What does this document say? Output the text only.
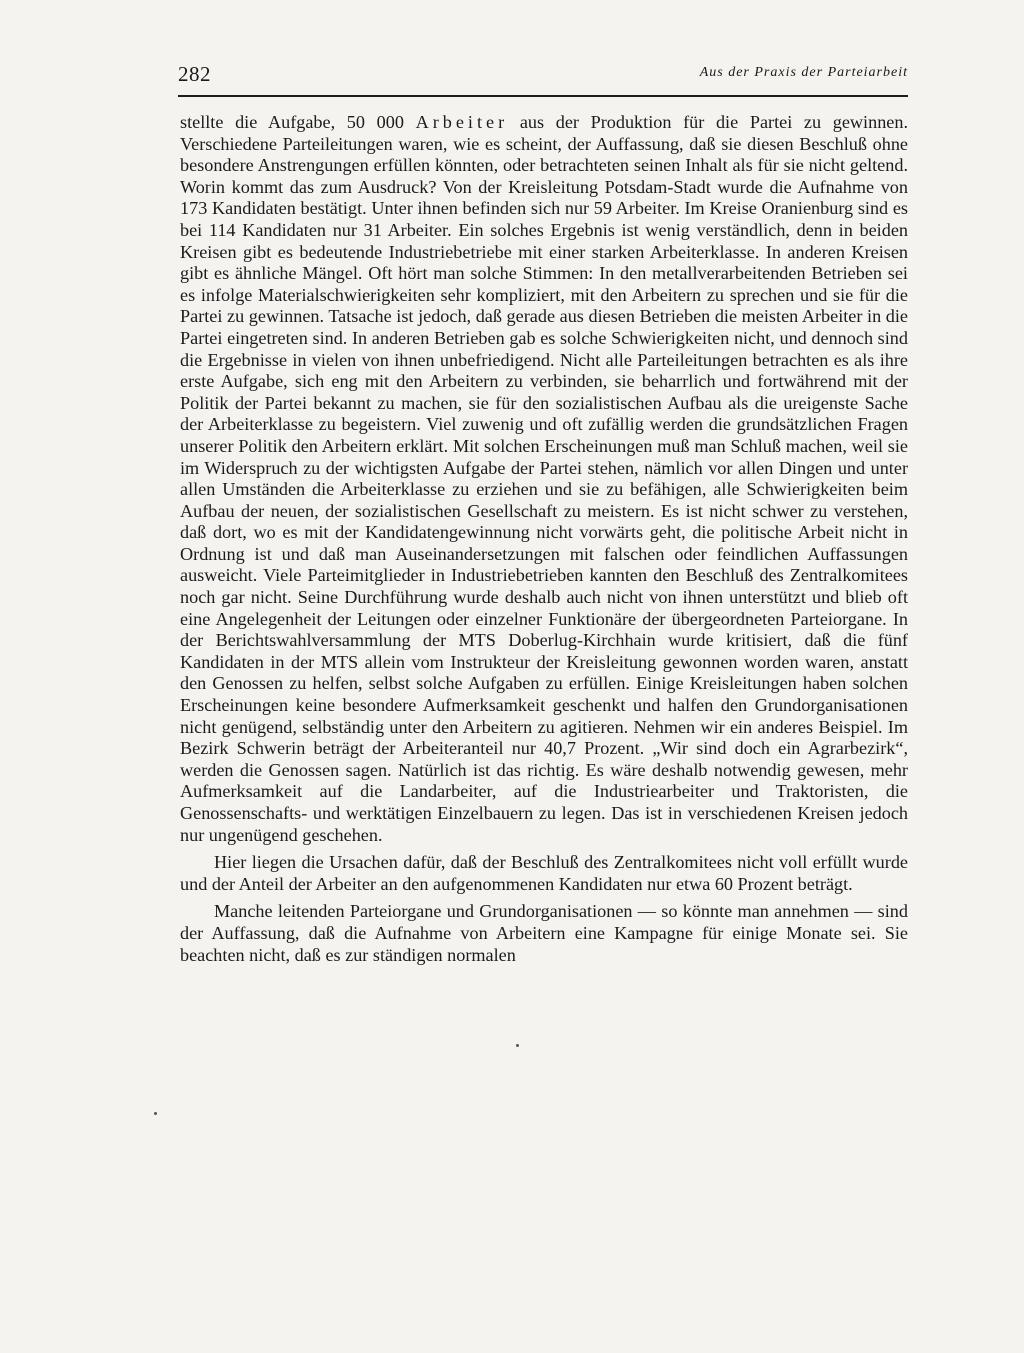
282	Aus der Praxis der Parteiarbeit

stellte die Aufgabe, 50 000 Arbeiter aus der Produktion für die Partei zu gewinnen. Verschiedene Parteileitungen waren, wie es scheint, der Auffassung, daß sie diesen Beschluß ohne besondere Anstrengungen erfüllen könnten, oder betrachteten seinen Inhalt als für sie nicht geltend. Worin kommt das zum Ausdruck? Von der Kreisleitung Potsdam-Stadt wurde die Aufnahme von 173 Kandidaten bestätigt. Unter ihnen befinden sich nur 59 Arbeiter. Im Kreise Oranienburg sind es bei 114 Kandidaten nur 31 Arbeiter. Ein solches Ergebnis ist wenig verständlich, denn in beiden Kreisen gibt es bedeutende Industriebetriebe mit einer starken Arbeiterklasse. In anderen Kreisen gibt es ähnliche Mängel. Oft hört man solche Stimmen: In den metallverarbeitenden Betrieben sei es infolge Materialschwierigkeiten sehr kompliziert, mit den Arbeitern zu sprechen und sie für die Partei zu gewinnen. Tatsache ist jedoch, daß gerade aus diesen Betrieben die meisten Arbeiter in die Partei eingetreten sind. In anderen Betrieben gab es solche Schwierigkeiten nicht, und dennoch sind die Ergebnisse in vielen von ihnen unbefriedigend. Nicht alle Parteileitungen betrachten es als ihre erste Aufgabe, sich eng mit den Arbeitern zu verbinden, sie beharrlich und fortwährend mit der Politik der Partei bekannt zu machen, sie für den sozialistischen Aufbau als die ureigenste Sache der Arbeiterklasse zu begeistern. Viel zuwenig und oft zufällig werden die grundsätzlichen Fragen unserer Politik den Arbeitern erklärt. Mit solchen Erscheinungen muß man Schluß machen, weil sie im Widerspruch zu der wichtigsten Aufgabe der Partei stehen, nämlich vor allen Dingen und unter allen Umständen die Arbeiterklasse zu erziehen und sie zu befähigen, alle Schwierigkeiten beim Aufbau der neuen, der sozialistischen Gesellschaft zu meistern. Es ist nicht schwer zu verstehen, daß dort, wo es mit der Kandidatengewinnung nicht vorwärts geht, die politische Arbeit nicht in Ordnung ist und daß man Auseinandersetzungen mit falschen oder feindlichen Auffassungen ausweicht. Viele Parteimitglieder in Industriebetrieben kannten den Beschluß des Zentralkomitees noch gar nicht. Seine Durchführung wurde deshalb auch nicht von ihnen unterstützt und blieb oft eine Angelegenheit der Leitungen oder einzelner Funktionäre der übergeordneten Parteiorgane. In der Berichtswahlversammlung der MTS Doberlug-Kirchhain wurde kritisiert, daß die fünf Kandidaten in der MTS allein vom Instrukteur der Kreisleitung gewonnen worden waren, anstatt den Genossen zu helfen, selbst solche Aufgaben zu erfüllen. Einige Kreisleitungen haben solchen Erscheinungen keine besondere Aufmerksamkeit geschenkt und halfen den Grundorganisationen nicht genügend, selbständig unter den Arbeitern zu agitieren. Nehmen wir ein anderes Beispiel. Im Bezirk Schwerin beträgt der Arbeiteranteil nur 40,7 Prozent. „Wir sind doch ein Agrarbezirk“, werden die Genossen sagen. Natürlich ist das richtig. Es wäre deshalb notwendig gewesen, mehr Aufmerksamkeit auf die Landarbeiter, auf die Industriearbeiter und Traktoristen, die Genossenschafts- und werktätigen Einzelbauern zu legen. Das ist in verschiedenen Kreisen jedoch nur ungenügend geschehen.

Hier liegen die Ursachen dafür, daß der Beschluß des Zentralkomitees nicht voll erfüllt wurde und der Anteil der Arbeiter an den aufgenommenen Kandidaten nur etwa 60 Prozent beträgt.

Manche leitenden Parteiorgane und Grundorganisationen — so könnte man annehmen — sind der Auffassung, daß die Aufnahme von Arbeitern eine Kampagne für einige Monate sei. Sie beachten nicht, daß es zur ständigen normalen
